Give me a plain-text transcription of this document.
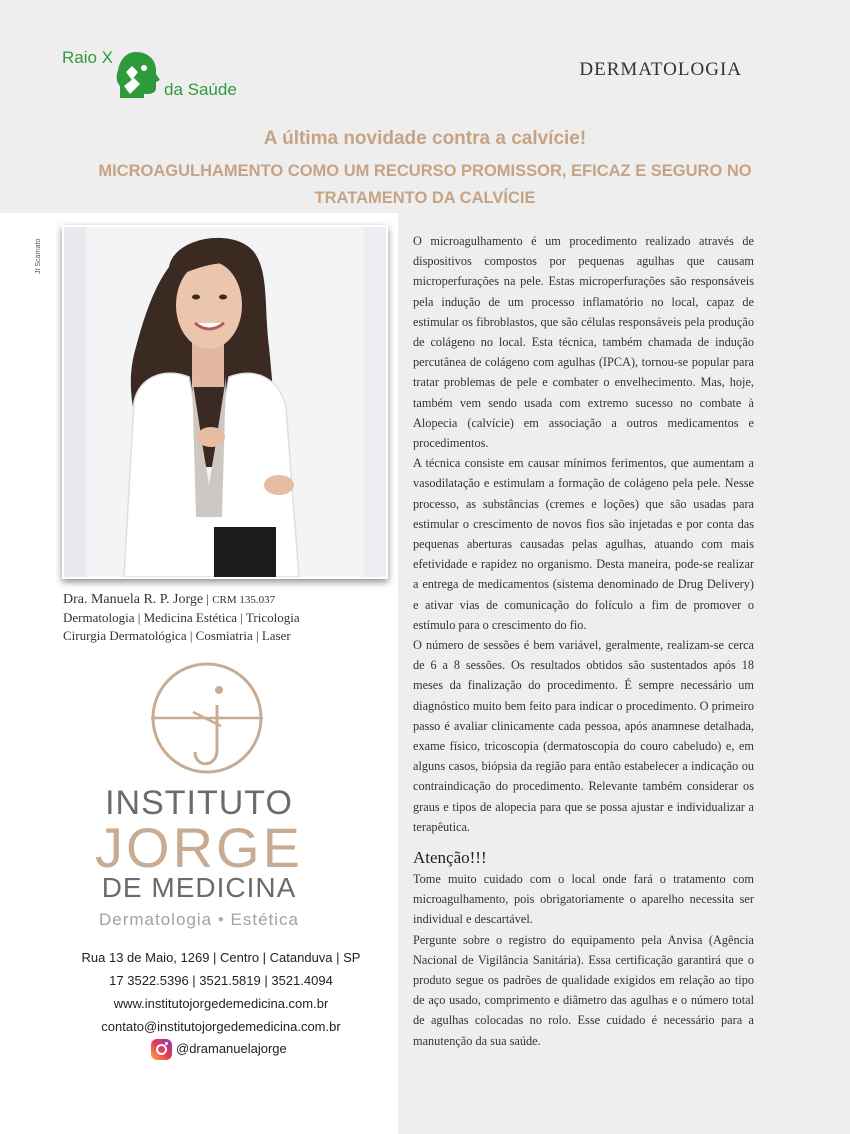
Raio X
da Saúde
DERMATOLOGIA
A última novidade contra a calvície!
MICROAGULHAMENTO COMO UM RECURSO PROMISSOR, EFICAZ E SEGURO NO
TRATAMENTO DA CALVÍCIE
Jt Scarnato
Dra. Manuela R. P. Jorge | CRM 135.037
Dermatologia | Medicina Estética | Tricologia
Cirurgia Dermatológica | Cosmiatria | Laser
INSTITUTO
JORGE
DE MEDICINA
Dermatologia • Estética
Rua 13 de Maio, 1269 | Centro | Catanduva | SP
17 3522.5396 | 3521.5819 | 3521.4094
www.institutojorgedemedicina.com.br
contato@institutojorgedemedicina.com.br
@dramanuelajorge

O microagulhamento é um procedimento realizado através de dispositivos compostos por pequenas agulhas que causam microperfurações na pele. Estas microperfurações são responsáveis pela indução de um processo inflamatório no local, capaz de estimular os fibroblastos, que são células responsáveis pela produção de colágeno no local. Esta técnica, também chamada de indução percutânea de colágeno com agulhas (IPCA), tornou-se popular para tratar problemas de pele e combater o envelhecimento. Mas, hoje, também vem sendo usada com extremo sucesso no combate à Alopecia (calvície) em associação a outros medicamentos e procedimentos.

A técnica consiste em causar mínimos ferimentos, que aumentam a vasodilatação e estimulam a formação de colágeno pela pele. Nesse processo, as substâncias (cremes e loções) que são usadas para estimular o crescimento de novos fios são injetadas e por conta das pequenas aberturas causadas pelas agulhas, atuando com mais efetividade e rapidez no organismo. Desta maneira, pode-se realizar a entrega de medicamentos (sistema denominado de Drug Delivery) e ativar vias de comunicação do folículo a fim de promover o estímulo para o crescimento do fio.

O número de sessões é bem variável, geralmente, realizam-se cerca de 6 a 8 sessões. Os resultados obtidos são sustentados após 18 meses da finalização do procedimento. É sempre necessário um diagnóstico muito bem feito para indicar o procedimento. O primeiro passo é avaliar clinicamente cada pessoa, após anamnese detalhada, exame físico, tricoscopia (dermatoscopia do couro cabeludo) e, em alguns casos, biópsia da região para então estabelecer a indicação ou contraindicação do procedimento. Relevante também considerar os graus e tipos de alopecia para que se possa ajustar e individualizar a terapêutica.

Atenção!!!

Tome muito cuidado com o local onde fará o tratamento com microagulhamento, pois obrigatoriamente o aparelho necessita ser individual e descartável.

Pergunte sobre o registro do equipamento pela Anvisa (Agência Nacional de Vigilância Sanitária). Essa certificação garantirá que o produto segue os padrões de qualidade exigidos em relação ao tipo de aço usado, comprimento e diâmetro das agulhas e o número total de agulhas colocadas no rolo. Esse cuidado é necessário para a manutenção da sua saúde.
